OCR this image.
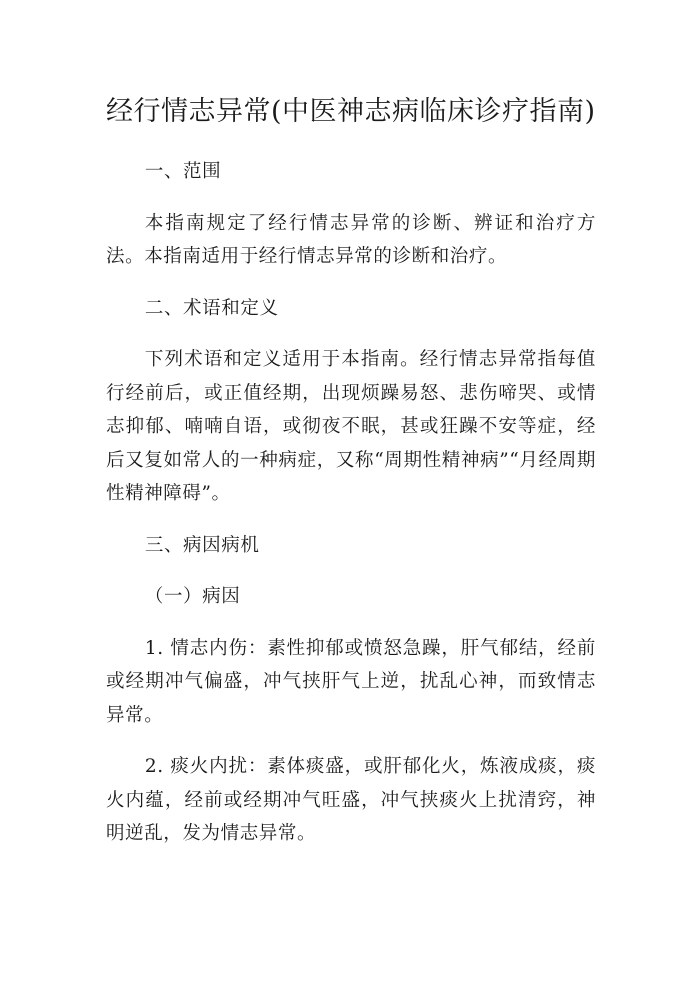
经行情志异常(中医神志病临床诊疗指南)

一、范围

本指南规定了经行情志异常的诊断、辨证和治疗方法。本指南适用于经行情志异常的诊断和治疗。

二、术语和定义

下列术语和定义适用于本指南。经行情志异常指每值行经前后，或正值经期，出现烦躁易怒、悲伤啼哭、或情志抑郁、喃喃自语，或彻夜不眠，甚或狂躁不安等症，经后又复如常人的一种病症，又称“周期性精神病”“月经周期性精神障碍”。

三、病因病机

（一）病因

1. 情志内伤：素性抑郁或愤怒急躁，肝气郁结，经前或经期冲气偏盛，冲气挟肝气上逆，扰乱心神，而致情志异常。

2. 痰火内扰：素体痰盛，或肝郁化火，炼液成痰，痰火内蕴，经前或经期冲气旺盛，冲气挟痰火上扰清窍，神明逆乱，发为情志异常。
